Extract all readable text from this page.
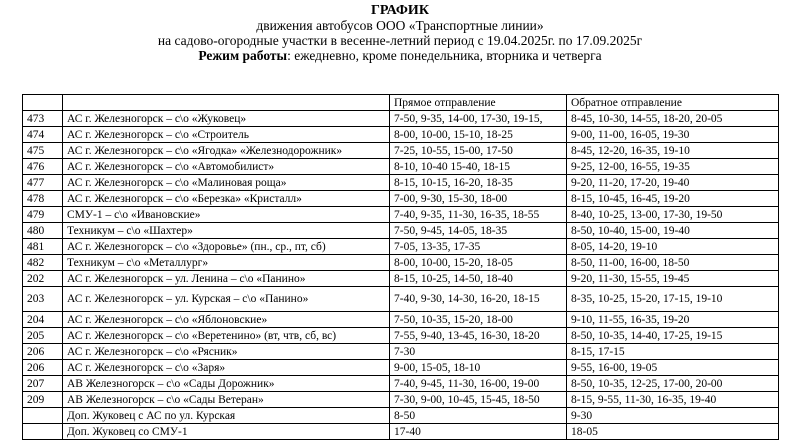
ГРАФИК
движения автобусов ООО «Транспортные линии»
на садово-огородные участки в весенне-летний период с 19.04.2025г. по 17.09.2025г
Режим работы: ежедневно, кроме понедельника, вторника и четверга
		Прямое отправление	Обратное отправление
473	АС г. Железногорск – с\о «Жуковец»	7-50, 9-35, 14-00, 17-30, 19-15,	8-45, 10-30, 14-55, 18-20, 20-05
474	АС г. Железногорск – с\о «Строитель	8-00, 10-00, 15-10, 18-25	9-00, 11-00, 16-05, 19-30
475	АС г. Железногорск – с\о «Ягодка» «Железнодорожник»	7-25, 10-55, 15-00, 17-50	8-45, 12-20, 16-35, 19-10
476	АС г. Железногорск – с\о «Автомобилист»	8-10, 10-40 15-40, 18-15	9-25, 12-00, 16-55, 19-35
477	АС г. Железногорск – с\о «Малиновая роща»	8-15, 10-15, 16-20, 18-35	9-20, 11-20, 17-20, 19-40
478	АС г. Железногорск – с\о «Березка» «Кристалл»	7-00, 9-30, 15-30, 18-00	8-15, 10-45, 16-45, 19-20
479	СМУ-1 – с\о «Ивановские»	7-40, 9-35, 11-30, 16-35, 18-55	8-40, 10-25, 13-00, 17-30, 19-50
480	Техникум – с\о «Шахтер»	7-50, 9-45, 14-05, 18-35	8-50, 10-40, 15-00, 19-40
481	АС г. Железногорск – с\о «Здоровье» (пн., ср., пт, сб)	7-05, 13-35, 17-35	8-05, 14-20, 19-10
482	Техникум – с\о «Металлург»	8-00, 10-00, 15-20, 18-05	8-50, 11-00, 16-00, 18-50
202	АС г. Железногорск – ул. Ленина – с\о «Панино»	8-15, 10-25, 14-50, 18-40	9-20, 11-30, 15-55, 19-45
203	АС г. Железногорск – ул. Курская – с\о «Панино»	7-40, 9-30, 14-30, 16-20, 18-15	8-35, 10-25, 15-20, 17-15, 19-10
204	АС г. Железногорск – с\о «Яблоновские»	7-50, 10-35, 15-20, 18-00	9-10, 11-55, 16-35, 19-20
205	АС г. Железногорск – с\о «Веретенино» (вт, чтв, сб, вс)	7-55, 9-40, 13-45, 16-30, 18-20	8-50, 10-35, 14-40, 17-25, 19-15
206	АС г. Железногорск – с\о «Рясник»	7-30	8-15, 17-15
206	АС г. Железногорск – с\о «Заря»	9-00, 15-05, 18-10	9-55, 16-00, 19-05
207	АВ Железногорск – с\о «Сады Дорожник»	7-40, 9-45, 11-30, 16-00, 19-00	8-50, 10-35, 12-25, 17-00, 20-00
209	АВ Железногорск – с\о «Сады Ветеран»	7-30, 9-00, 10-45, 15-45, 18-50	8-15, 9-55, 11-30, 16-35, 19-40
	Доп. Жуковец с АС по ул. Курская	8-50	9-30
	Доп. Жуковец со СМУ-1	17-40	18-05
